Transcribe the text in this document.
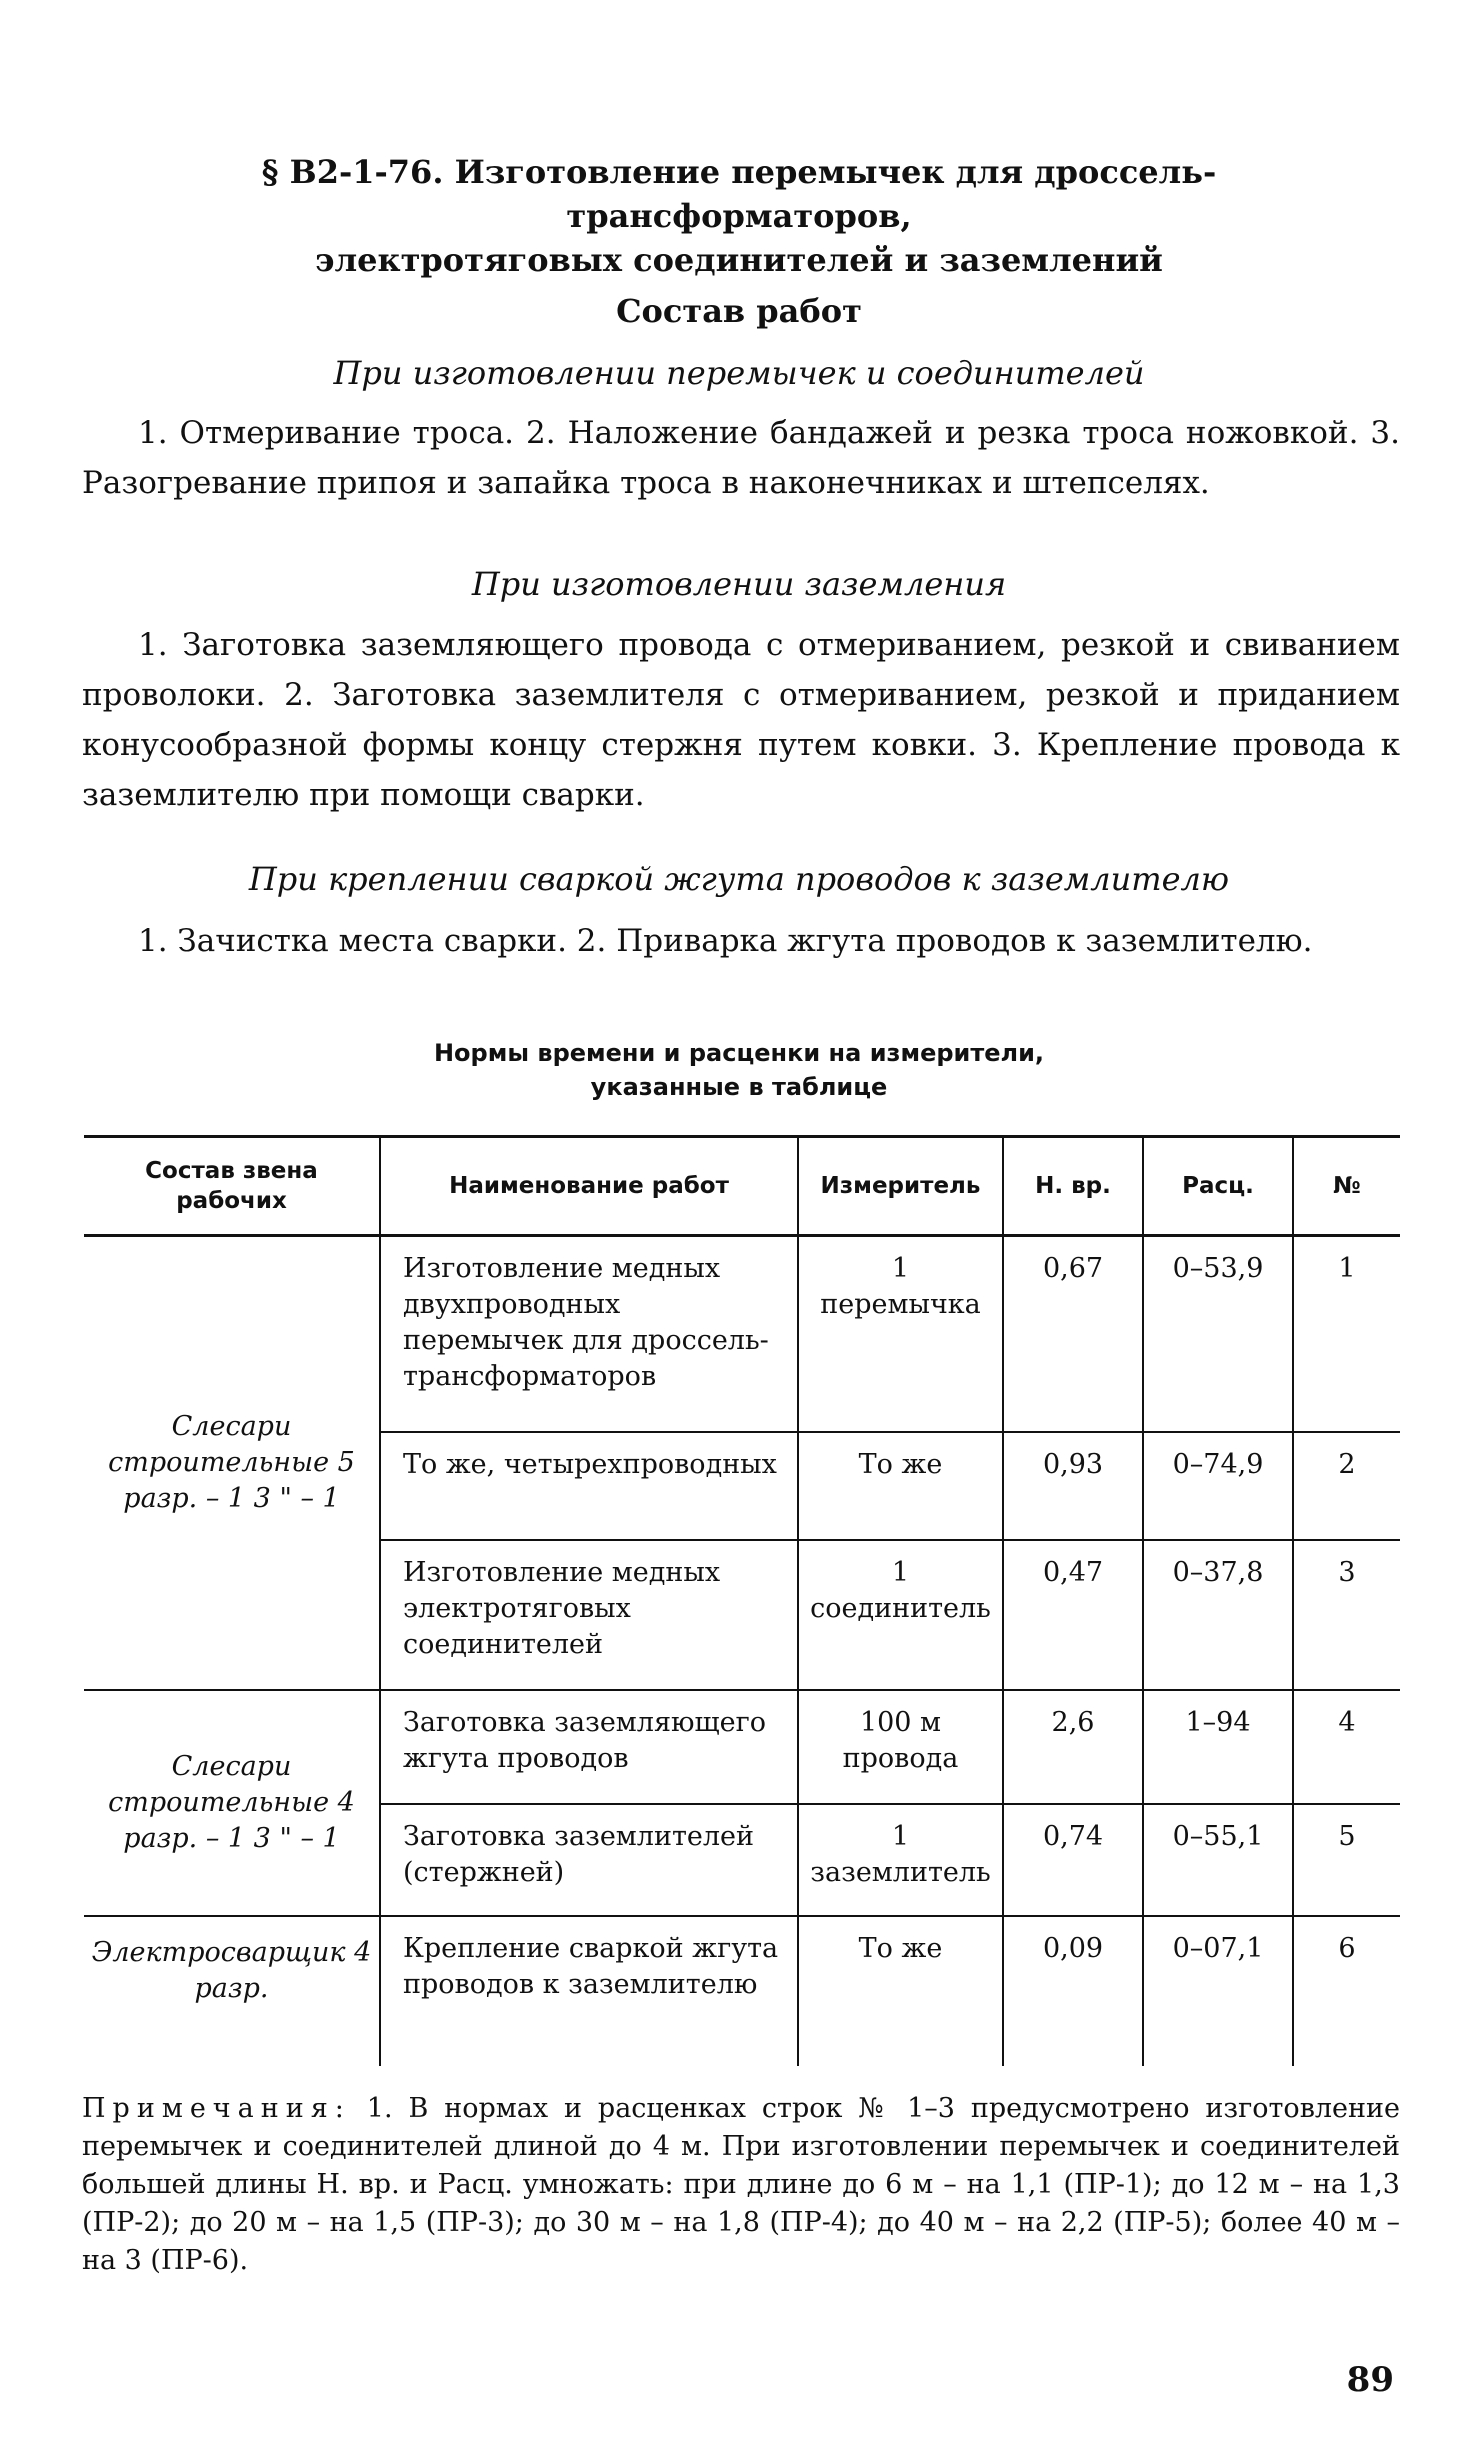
§ В2-1-76. Изготовление перемычек для дроссель-трансформаторов,
электротяговых соединителей и заземлений
Состав работ
При изготовлении перемычек и соединителей
1. Отмеривание троса. 2. Наложение бандажей и резка троса ножовкой. 3. Разогревание припоя и запайка троса в наконечниках и штепселях.
При изготовлении заземления
1. Заготовка заземляющего провода с отмериванием, резкой и свиванием проволоки. 2. Заготовка заземлителя с отмериванием, резкой и приданием конусообразной формы концу стержня путем ковки. 3. Крепление провода к заземлителю при помощи сварки.
При креплении сваркой жгута проводов к заземлителю
1. Зачистка места сварки. 2. Приварка жгута проводов к заземлителю.
Нормы времени и расценки на измерители,
указанные в таблице
Состав звена рабочих	Наименование работ	Измеритель	Н. вр.	Расц.	№
Слесари строительные 5 разр. – 1 3 " – 1	Изготовление медных двухпроводных перемычек для дроссель-трансформаторов	1 перемычка	0,67	0–53,9	1
	То же, четырехпроводных	То же	0,93	0–74,9	2
	Изготовление медных электротяговых соединителей	1 соединитель	0,47	0–37,8	3
Слесари строительные 4 разр. – 1 3 " – 1	Заготовка заземляющего жгута проводов	100 м провода	2,6	1–94	4
	Заготовка заземлителей (стержней)	1 заземлитель	0,74	0–55,1	5
Электросварщик 4 разр.	Крепление сваркой жгута проводов к заземлителю	То же	0,09	0–07,1	6
Примечания: 1. В нормах и расценках строк № 1–3 предусмотрено изготовление перемычек и соединителей длиной до 4 м. При изготовлении перемычек и соединителей большей длины Н. вр. и Расц. умножать: при длине до 6 м – на 1,1 (ПР-1); до 12 м – на 1,3 (ПР-2); до 20 м – на 1,5 (ПР-3); до 30 м – на 1,8 (ПР-4); до 40 м – на 2,2 (ПР-5); более 40 м – на 3 (ПР-6).
89
